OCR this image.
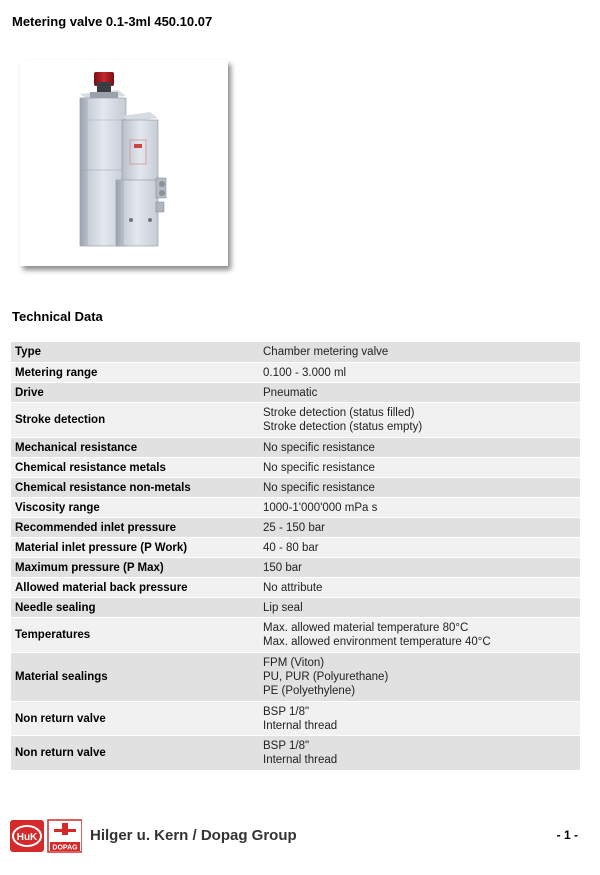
Metering valve 0.1-3ml 450.10.07
Technical Data
Type	Chamber metering valve

Metering range	0.100 - 3.000 ml

Drive	Pneumatic

Stroke detection	Stroke detection (status filled)
Stroke detection (status empty)

Mechanical resistance	No specific resistance

Chemical resistance metals	No specific resistance

Chemical resistance non-metals	No specific resistance

Viscosity range	1000-1'000'000 mPa s

Recommended inlet pressure	25 - 150 bar

Material inlet pressure (P Work)	40 - 80 bar

Maximum pressure (P Max)	150 bar

Allowed material back pressure	No attribute

Needle sealing	Lip seal

Temperatures	Max. allowed material temperature 80°C
Max. allowed environment temperature 40°C

Material sealings	FPM (Viton)
PU, PUR (Polyurethane)
PE (Polyethylene)

Non return valve	BSP 1/8"
Internal thread

Non return valve	BSP 1/8"
Internal thread
HuK
DOPAG
Hilger u. Kern / Dopag Group	- 1 -
